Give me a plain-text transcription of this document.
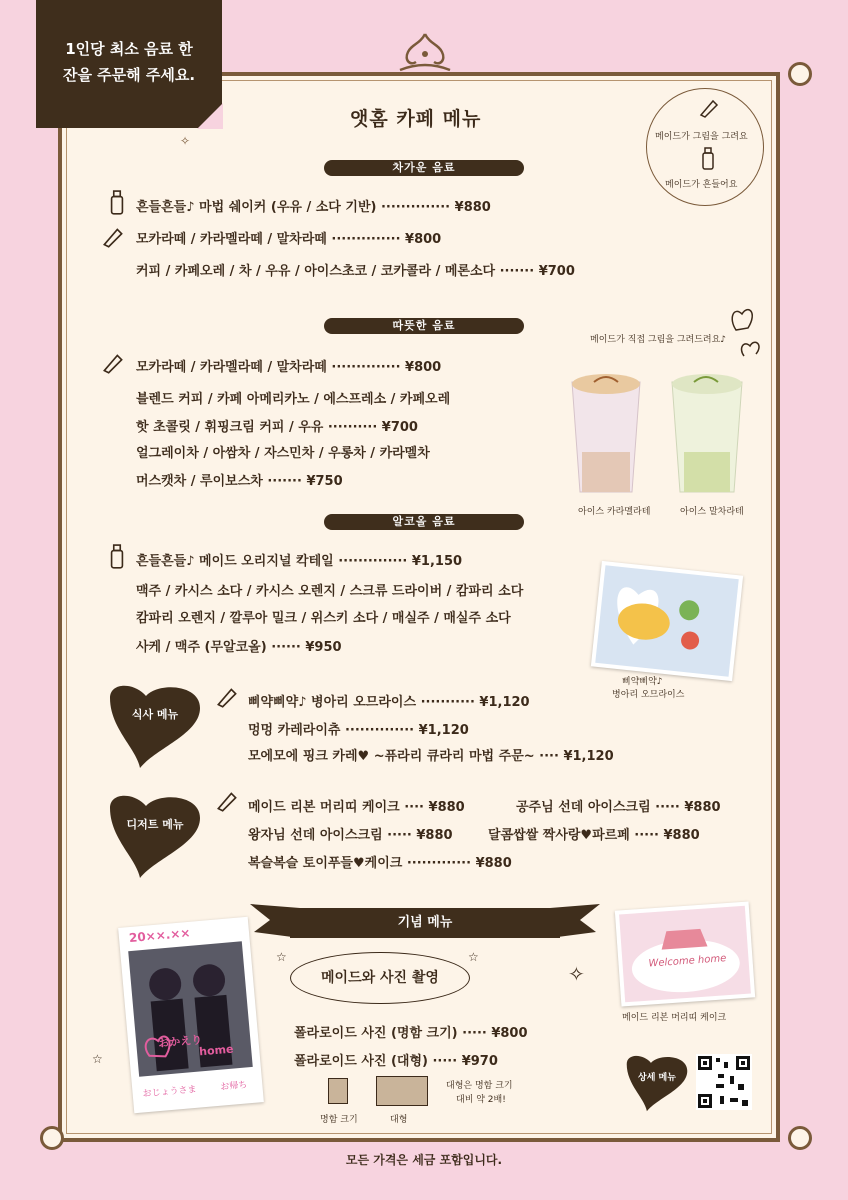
1인당 최소 음료 한
잔을 주문해 주세요.
앳홈 카페 메뉴
✧	메이드가 그림을 그려요
메이드가 흔들어요
차가운 음료
흔들흔들♪ 마법 쉐이커 (우유 / 소다 기반) ·············· ¥880
모카라떼 / 카라멜라떼 / 말차라떼 ·············· ¥800
커피 / 카페오레 / 차 / 우유 / 아이스초코 / 코카콜라 / 메론소다 ······· ¥700
따뜻한 음료
모카라떼 / 카라멜라떼 / 말차라떼 ·············· ¥800
블렌드 커피 / 카페 아메리카노 / 에스프레소 / 카페오레
핫 초콜릿 / 휘핑크림 커피 / 우유 ·········· ¥700
얼그레이차 / 아쌈차 / 자스민차 / 우롱차 / 카라멜차
머스캣차 / 루이보스차 ······· ¥750
메이드가 직접 그림을 그려드려요♪
아이스 카라멜라테	아이스 말차라테
알코올 음료
흔들흔들♪ 메이드 오리지널 칵테일 ·············· ¥1,150
맥주 / 카시스 소다 / 카시스 오렌지 / 스크류 드라이버 / 캄파리 소다
캄파리 오렌지 / 깔루아 밀크 / 위스키 소다 / 매실주 / 매실주 소다
사케 / 맥주 (무알코올) ······ ¥950
삐약삐약♪
병아리 오므라이스
식사 메뉴
삐약삐약♪ 병아리 오므라이스 ··········· ¥1,120
멍멍 카레라이츄 ·············· ¥1,120
모에모에 핑크 카레♥ ~퓨라리 큐라리 마법 주문~ ···· ¥1,120
디저트 메뉴
메이드 리본 머리띠 케이크 ···· ¥880	공주님 선데 아이스크림 ····· ¥880
왕자님 선데 아이스크림 ····· ¥880	달콤쌉쌀 짝사랑♥파르페 ····· ¥880
복슬복슬 토이푸들♥케이크 ············· ¥880
기념 메뉴
메이드와 사진 촬영
☆	☆
✧
폴라로이드 사진 (명함 크기) ····· ¥800
폴라로이드 사진 (대형) ····· ¥970
명함 크기	대형
대형은 명함 크기
대비 약 2배!
20××.××
おかえり
home
おじょうさま	お帰ち
☆
Welcome home
메이드 리본 머리띠 케이크
상세 메뉴
모든 가격은 세금 포함입니다.
